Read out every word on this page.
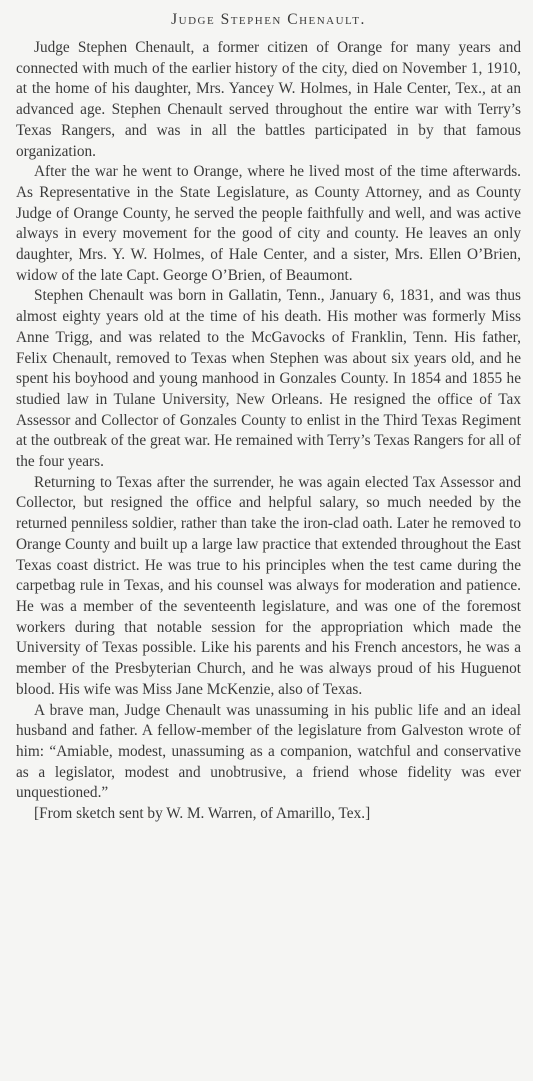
Judge Stephen Chenault.

Judge Stephen Chenault, a former citizen of Orange for many years and connected with much of the earlier history of the city, died on November 1, 1910, at the home of his daughter, Mrs. Yancey W. Holmes, in Hale Center, Tex., at an advanced age. Stephen Chenault served throughout the entire war with Terry’s Texas Rangers, and was in all the battles participated in by that famous organization.

After the war he went to Orange, where he lived most of the time afterwards. As Representative in the State Legislature, as County Attorney, and as County Judge of Orange County, he served the people faithfully and well, and was active always in every movement for the good of city and county. He leaves an only daughter, Mrs. Y. W. Holmes, of Hale Center, and a sister, Mrs. Ellen O’Brien, widow of the late Capt. George O’Brien, of Beaumont.

Stephen Chenault was born in Gallatin, Tenn., January 6, 1831, and was thus almost eighty years old at the time of his death. His mother was formerly Miss Anne Trigg, and was related to the McGavocks of Franklin, Tenn. His father, Felix Chenault, removed to Texas when Stephen was about six years old, and he spent his boyhood and young manhood in Gonzales County. In 1854 and 1855 he studied law in Tulane University, New Orleans. He resigned the office of Tax Assessor and Collector of Gonzales County to enlist in the Third Texas Regiment at the outbreak of the great war. He remained with Terry’s Texas Rangers for all of the four years.

Returning to Texas after the surrender, he was again elected Tax Assessor and Collector, but resigned the office and helpful salary, so much needed by the returned penniless soldier, rather than take the iron-clad oath. Later he removed to Orange County and built up a large law practice that extended throughout the East Texas coast district. He was true to his principles when the test came during the carpetbag rule in Texas, and his counsel was always for moderation and patience. He was a member of the seventeenth legislature, and was one of the foremost workers during that notable session for the appropriation which made the University of Texas possible. Like his parents and his French ancestors, he was a member of the Presbyterian Church, and he was always proud of his Huguenot blood. His wife was Miss Jane McKenzie, also of Texas.

A brave man, Judge Chenault was unassuming in his public life and an ideal husband and father. A fellow-member of the legislature from Galveston wrote of him: “Amiable, modest, unassuming as a companion, watchful and conservative as a legislator, modest and unobtrusive, a friend whose fidelity was ever unquestioned.”

[From sketch sent by W. M. Warren, of Amarillo, Tex.]
